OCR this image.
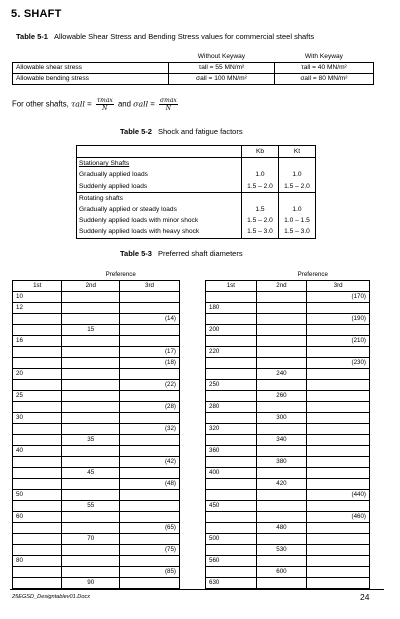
5. SHAFT
Table 5-1 Allowable Shear Stress and Bending Stress values for commercial steel shafts
	Without Keyway	With Keyway
Allowable shear stress	τall = 55 MN/m²	τall = 40 MN/m²
Allowable bending stress	σall = 100 MN/m²	σall = 80 MN/m²
For other shafts, $\tau all = \frac{\tau\max}{N}$ and $\sigma all = \frac{\sigma\max}{N}$
Table 5-2 Shock and fatigue factors
	Kb	Kt
Stationary Shafts		
Gradually applied loads	1.0	1.0
Suddenly applied loads	1.5 – 2.0	1.5 – 2.0
Rotating shafts		
Gradually applied or steady loads	1.5	1.0
Suddenly applied loads with minor shock	1.5 – 2.0	1.0 – 1.5
Suddenly applied loads with heavy shock	1.5 – 3.0	1.5 – 3.0
Table 5-3 Preferred shaft diameters
	Preference	
1st	2nd	3rd
10		
12		
		(14)
	15	
16		
		(17)
		(18)
20		
		(22)
25		
		(28)
30		
		(32)
	35	
40		
		(42)
	45	
		(48)
50		
	55	
60		
		(65)
	70	
		(75)
80		
		(85)
	90	
	Preference	
1st	2nd	3rd
		(170)
180		
		(190)
200		
		(210)
220		
		(230)
	240	
250		
	260	
280		
	300	
320		
	340	
360		
	380	
400		
	420	
		(440)
450		
		(460)
	480	
500		
	530	
560		
	600	
630		
25EGSD_Designtablev01.Docx	24
